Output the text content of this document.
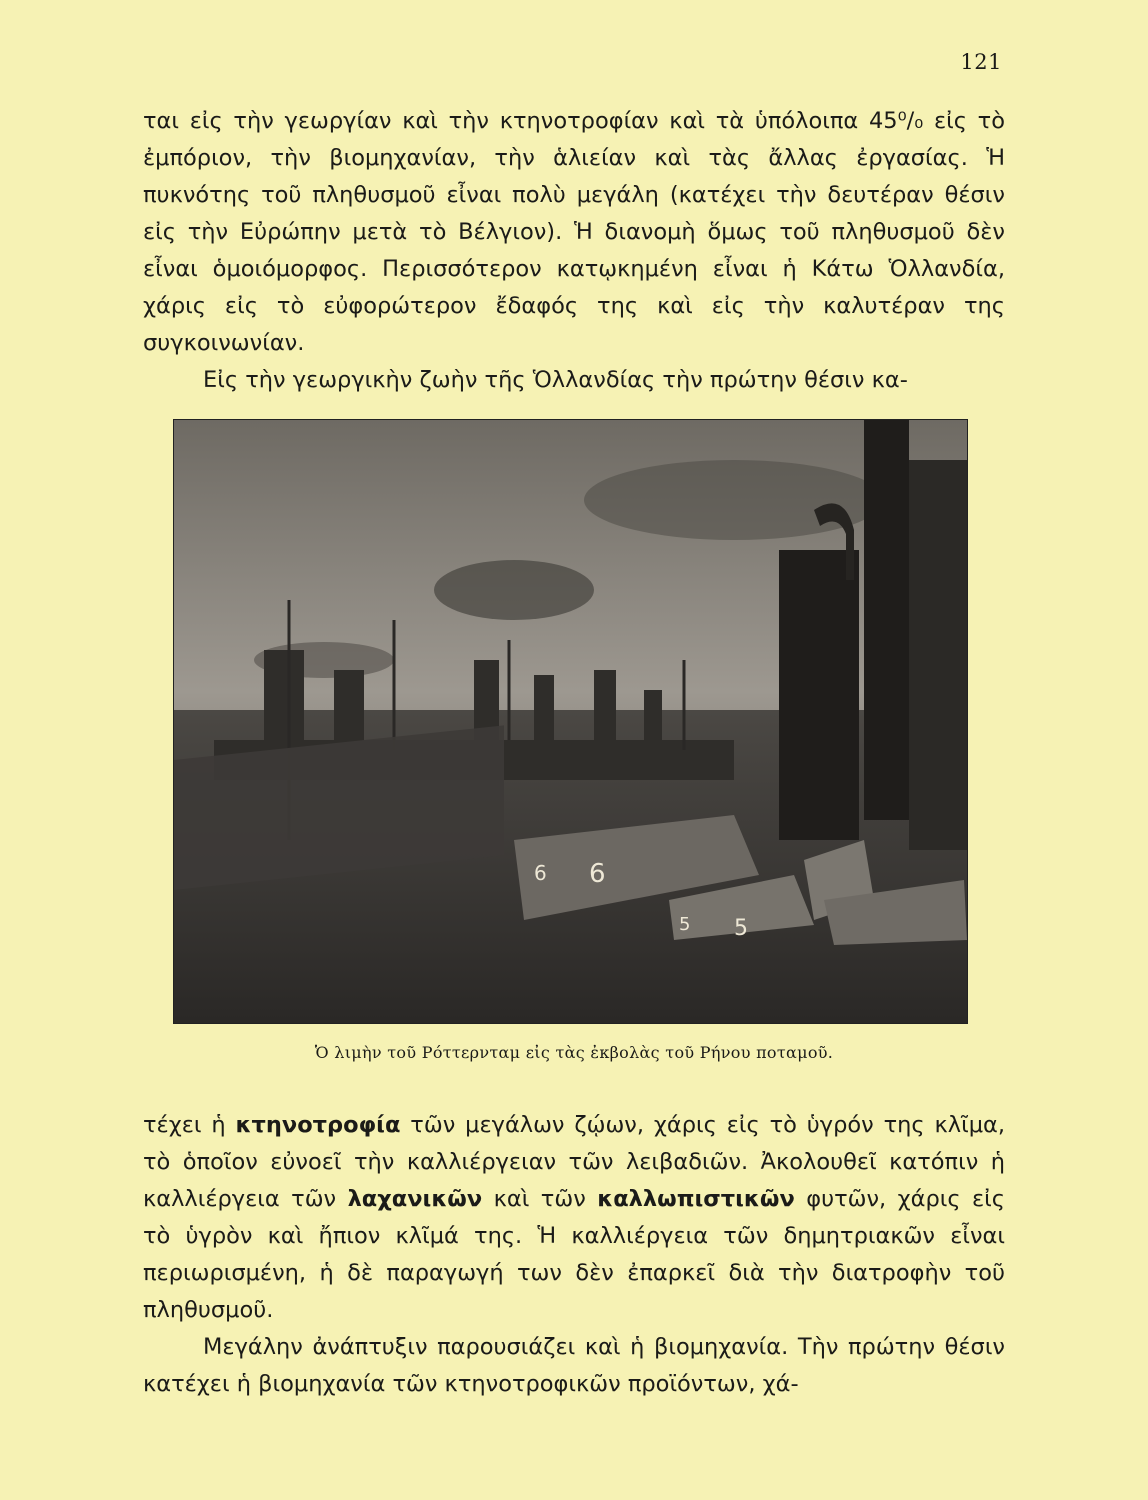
121

ται εἰς τὴν γεωργίαν καὶ τὴν κτηνοτροφίαν καὶ τὰ ὑπόλοιπα 45⁰/₀ εἰς τὸ ἐμπόριον, τὴν βιομηχανίαν, τὴν ἁλιείαν καὶ τὰς ἄλλας ἐργασίας. Ἡ πυκνότης τοῦ πληθυσμοῦ εἶναι πολὺ μεγάλη (κατέχει τὴν δευτέραν θέσιν εἰς τὴν Εὐρώπην μετὰ τὸ Βέλγιον). Ἡ διανομὴ ὅμως τοῦ πληθυσμοῦ δὲν εἶναι ὁμοιόμορφος. Περισσότερον κατῳκημένη εἶναι ἡ Κάτω Ὁλλανδία, χάρις εἰς τὸ εὐφορώτερον ἔδαφός της καὶ εἰς τὴν καλυτέραν της συγκοινωνίαν.

Εἰς τὴν γεωργικὴν ζωὴν τῆς Ὁλλανδίας τὴν πρώτην θέσιν κα-

6 6
5 5
Ὁ λιμὴν τοῦ Ρόττερνταμ εἰς τὰς ἐκβολὰς τοῦ Ρήνου ποταμοῦ.

τέχει ἡ κτηνοτροφία τῶν μεγάλων ζῴων, χάρις εἰς τὸ ὑγρόν της κλῖμα, τὸ ὁποῖον εὐνοεῖ τὴν καλλιέργειαν τῶν λειβαδιῶν. Ἀκολουθεῖ κατόπιν ἡ καλλιέργεια τῶν λαχανικῶν καὶ τῶν καλλωπιστικῶν φυτῶν, χάρις εἰς τὸ ὑγρὸν καὶ ἤπιον κλῖμά της. Ἡ καλλιέργεια τῶν δημητριακῶν εἶναι περιωρισμένη, ἡ δὲ παραγωγή των δὲν ἐπαρκεῖ διὰ τὴν διατροφὴν τοῦ πληθυσμοῦ.

Μεγάλην ἀνάπτυξιν παρουσιάζει καὶ ἡ βιομηχανία. Τὴν πρώτην θέσιν κατέχει ἡ βιομηχανία τῶν κτηνοτροφικῶν προϊόντων, χά-
